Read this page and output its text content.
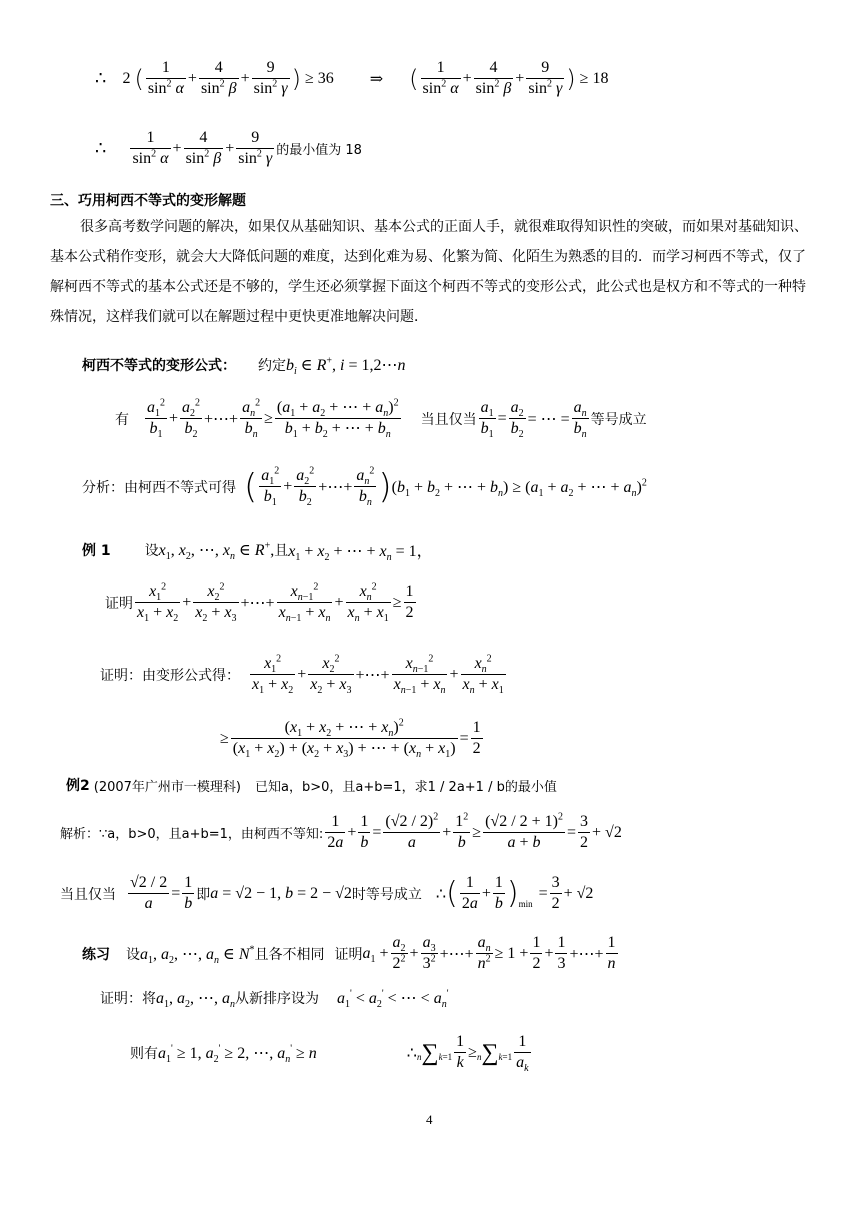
∴ 2 ( $\frac{1}{\sin^2 \alpha} + \frac{4}{\sin^2 \beta} + \frac{9}{\sin^2 \gamma}$ ) ≥ 36 ⇒ ( $\frac{1}{\sin^2 \alpha} + \frac{4}{\sin^2 \beta} + \frac{9}{\sin^2 \gamma}$ ) ≥ 18
∴ $\frac{1}{\sin^2 \alpha} + \frac{4}{\sin^2 \beta} + \frac{9}{\sin^2 \gamma}$ 的最小值为 18
三、巧用柯西不等式的变形解题
很多高考数学问题的解决，如果仅从基础知识、基本公式的正面人手，就很难取得知识性的突破，而如果对基础知识、基本公式稍作变形，就会大大降低问题的难度，达到化难为易、化繁为简、化陌生为熟悉的目的．而学习柯西不等式，仅了解柯西不等式的基本公式还是不够的，学生还必须掌握下面这个柯西不等式的变形公式，此公式也是权方和不等式的一种特殊情况，这样我们就可以在解题过程中更快更准地解决问题．
柯西不等式的变形公式： 约定 $b_i$ ∈ R+, i = 1,2⋯n
有 $\frac{a_1^2}{b_1} + \frac{a_2^2}{b_2}$ +⋯+ $\frac{a_n^2}{b_n} \ge \frac{(a_1 + a_2 + \cdots + a_n)^2}{b_1 + b_2 + \cdots + b_n}$ 当且仅当 $\frac{a_1}{b_1} = \frac{a_2}{b_2}$ = ⋯ = $\frac{a_n}{b_n}$ 等号成立
分析：由柯西不等式可得 ( $\frac{a_1^2}{b_1} + \frac{a_2^2}{b_2}$ +⋯+ $\frac{a_n^2}{b_n}$ ) ($b_1 + b_2$ + ⋯ + $b_n) \ge (a_1 + a_2$ + ⋯ + $a_n)^2$
例 1 设 $x_1$, $x_2$, ⋯, $x_n$ ∈ R+, 且 $x_1 + x_2$ + ⋯ + $x_n = 1$，
证明 $\frac{x_1^2}{x_1 + x_2} + \frac{x_2^2}{x_2 + x_3}$ +⋯+ $\frac{x_{n-1}^2}{x_{n-1} + x_n} + \frac{x_n^2}{x_n + x_1} \ge \frac{1}{2}$
证明：由变形公式得： $\frac{x_1^2}{x_1 + x_2} + \frac{x_2^2}{x_2 + x_3}$ +⋯+ $\frac{x_{n-1}^2}{x_{n-1} + x_n} + \frac{x_n^2}{x_n + x_1}$
≥ $\frac{(x_1 + x_2 + \cdots + x_n)^2}{(x_1 + x_2) + (x_2 + x_3) + \cdots + (x_n + x_1)} = \frac{1}{2}$
例2 (2007年广州市一模理科) 已知a，b>0，且a+b=1，求1 / 2a+1 / b的最小值
解析：∵a，b>0，且a+b=1，由柯西不等知: $\frac{1}{2a} + \frac{1}{b} = \frac{(√2 / 2)^2}{a} + \frac{1^2}{b} \ge \frac{(√2 / 2 + 1)^2}{a + b} = \frac{3}{2} + √2$
当且仅当 $\frac{√2 / 2}{a} = \frac{1}{b}$ 即 a = √2 − 1, b = 2 − √2 时等号成立 ∴ ( $\frac{1}{2a} + \frac{1}{b}$ ) min
= $\frac{3}{2} + √2$
练习 设 $a_1$, $a_2$, ⋯, $a_n$ ∈ N* 且各不相同 证明 $a_1 + \frac{a_2}{2^2} + \frac{a_3}{3^2}$ +⋯+ $\frac{a_n}{n^2} \ge 1 + \frac{1}{2} + \frac{1}{3}$ +⋯+ $\frac{1}{n}$
证明：将 $a_1$, $a_2$, ⋯, $a_n$ 从新排序设为 $a_1' < a_2'$ < ⋯ < $a_n'$
则有 $a_1' \ge 1$, $a_2' \ge 2$, ⋯, $a_n' \ge n$	∴ $n\sum k=1 \frac{1}{k} \ge n\sum k=1 \frac{1}{a_k}$
4
